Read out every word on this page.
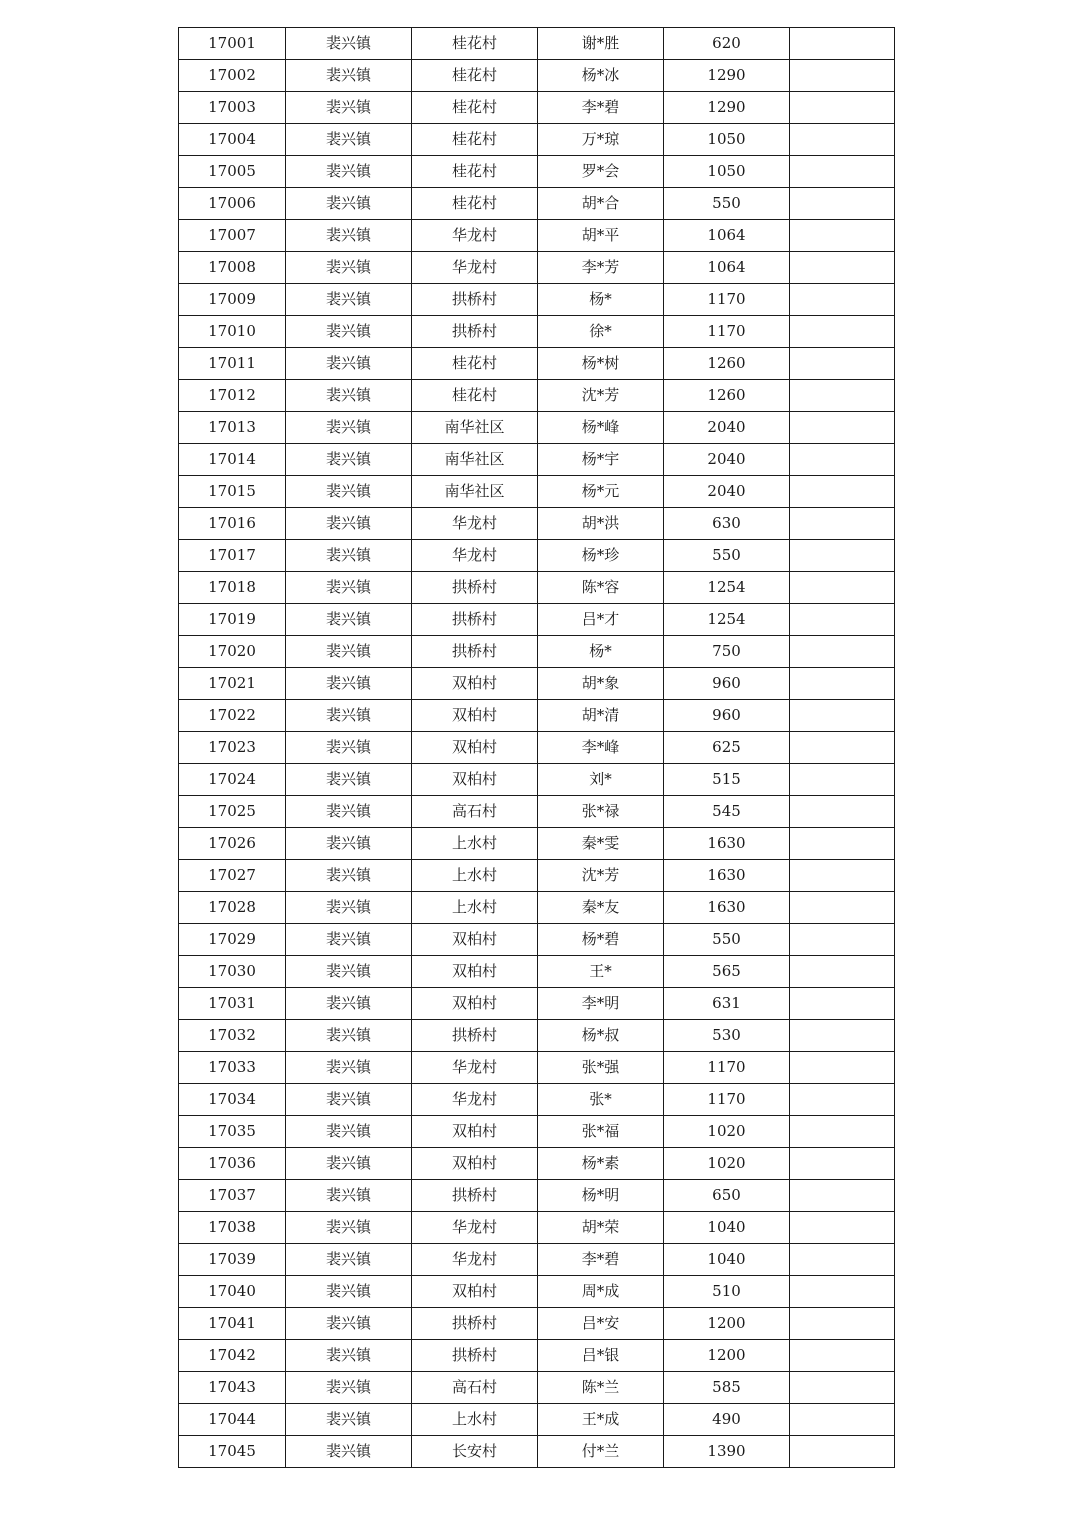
17001	裴兴镇	桂花村	谢*胜	620	
17002	裴兴镇	桂花村	杨*冰	1290	
17003	裴兴镇	桂花村	李*碧	1290	
17004	裴兴镇	桂花村	万*琼	1050	
17005	裴兴镇	桂花村	罗*会	1050	
17006	裴兴镇	桂花村	胡*合	550	
17007	裴兴镇	华龙村	胡*平	1064	
17008	裴兴镇	华龙村	李*芳	1064	
17009	裴兴镇	拱桥村	杨*	1170	
17010	裴兴镇	拱桥村	徐*	1170	
17011	裴兴镇	桂花村	杨*树	1260	
17012	裴兴镇	桂花村	沈*芳	1260	
17013	裴兴镇	南华社区	杨*峰	2040	
17014	裴兴镇	南华社区	杨*宇	2040	
17015	裴兴镇	南华社区	杨*元	2040	
17016	裴兴镇	华龙村	胡*洪	630	
17017	裴兴镇	华龙村	杨*珍	550	
17018	裴兴镇	拱桥村	陈*容	1254	
17019	裴兴镇	拱桥村	吕*才	1254	
17020	裴兴镇	拱桥村	杨*	750	
17021	裴兴镇	双柏村	胡*象	960	
17022	裴兴镇	双柏村	胡*清	960	
17023	裴兴镇	双柏村	李*峰	625	
17024	裴兴镇	双柏村	刘*	515	
17025	裴兴镇	高石村	张*禄	545	
17026	裴兴镇	上水村	秦*雯	1630	
17027	裴兴镇	上水村	沈*芳	1630	
17028	裴兴镇	上水村	秦*友	1630	
17029	裴兴镇	双柏村	杨*碧	550	
17030	裴兴镇	双柏村	王*	565	
17031	裴兴镇	双柏村	李*明	631	
17032	裴兴镇	拱桥村	杨*叔	530	
17033	裴兴镇	华龙村	张*强	1170	
17034	裴兴镇	华龙村	张*	1170	
17035	裴兴镇	双柏村	张*福	1020	
17036	裴兴镇	双柏村	杨*素	1020	
17037	裴兴镇	拱桥村	杨*明	650	
17038	裴兴镇	华龙村	胡*荣	1040	
17039	裴兴镇	华龙村	李*碧	1040	
17040	裴兴镇	双柏村	周*成	510	
17041	裴兴镇	拱桥村	吕*安	1200	
17042	裴兴镇	拱桥村	吕*银	1200	
17043	裴兴镇	高石村	陈*兰	585	
17044	裴兴镇	上水村	王*成	490	
17045	裴兴镇	长安村	付*兰	1390	
